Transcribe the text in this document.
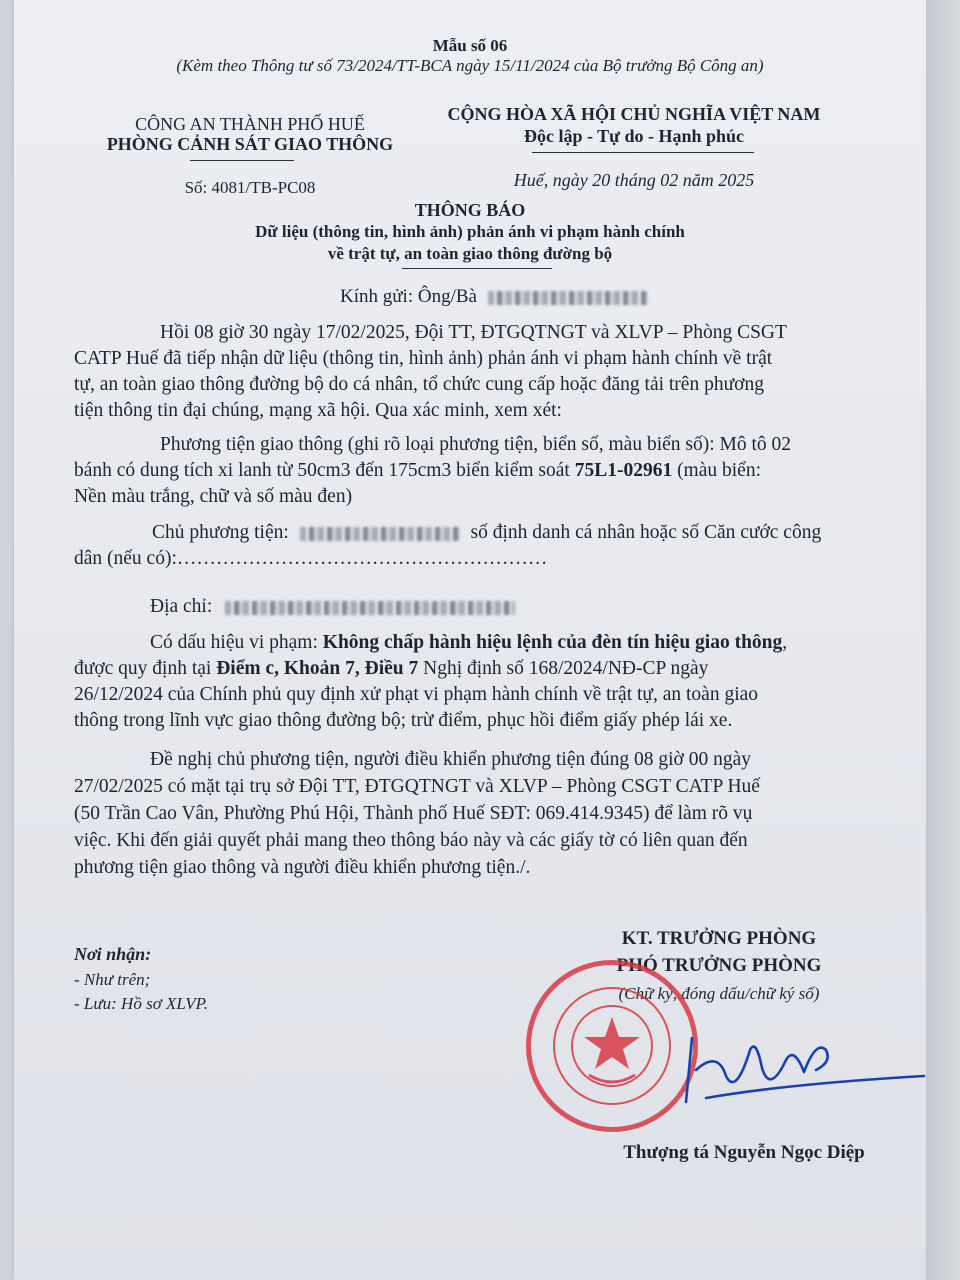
Mẫu số 06
(Kèm theo Thông tư số 73/2024/TT-BCA ngày 15/11/2024 của Bộ trưởng Bộ Công an)
CÔNG AN THÀNH PHỐ HUẾ
PHÒNG CẢNH SÁT GIAO THÔNG
Số: 4081/TB-PC08
CỘNG HÒA XÃ HỘI CHỦ NGHĨA VIỆT NAM
Độc lập - Tự do - Hạnh phúc
Huế, ngày 20 tháng 02 năm 2025
THÔNG BÁO
Dữ liệu (thông tin, hình ảnh) phản ánh vi phạm hành chính
về trật tự, an toàn giao thông đường bộ
Kính gửi: Ông/Bà
Hồi 08 giờ 30 ngày 17/02/2025, Đội TT, ĐTGQTNGT và XLVP – Phòng CSGT
CATP Huế đã tiếp nhận dữ liệu (thông tin, hình ảnh) phản ánh vi phạm hành chính về trật
tự, an toàn giao thông đường bộ do cá nhân, tổ chức cung cấp hoặc đăng tải trên phương
tiện thông tin đại chúng, mạng xã hội. Qua xác minh, xem xét:
Phương tiện giao thông (ghi rõ loại phương tiện, biển số, màu biển số): Mô tô 02
bánh có dung tích xi lanh từ 50cm3 đến 175cm3 biển kiểm soát 75L1-02961 (màu biển:
Nền màu trắng, chữ và số màu đen)
Chủ phương tiện:	số định danh cá nhân hoặc số Căn cước công
dân (nếu có):…………………………………………………
Địa chỉ:
Có dấu hiệu vi phạm: Không chấp hành hiệu lệnh của đèn tín hiệu giao thông,
được quy định tại Điểm c, Khoản 7, Điều 7 Nghị định số 168/2024/NĐ-CP ngày
26/12/2024 của Chính phủ quy định xử phạt vi phạm hành chính về trật tự, an toàn giao
thông trong lĩnh vực giao thông đường bộ; trừ điểm, phục hồi điểm giấy phép lái xe.
Đề nghị chủ phương tiện, người điều khiển phương tiện đúng 08 giờ 00 ngày
27/02/2025 có mặt tại trụ sở Đội TT, ĐTGQTNGT và XLVP – Phòng CSGT CATP Huế
(50 Trần Cao Vân, Phường Phú Hội, Thành phố Huế SĐT: 069.414.9345) để làm rõ vụ
việc. Khi đến giải quyết phải mang theo thông báo này và các giấy tờ có liên quan đến
phương tiện giao thông và người điều khiển phương tiện./.
Nơi nhận:
- Như trên;
- Lưu: Hồ sơ XLVP.
KT. TRƯỞNG PHÒNG
PHÓ TRƯỞNG PHÒNG
(Chữ ký, đóng dấu/chữ ký số)
Thượng tá Nguyễn Ngọc Diệp
